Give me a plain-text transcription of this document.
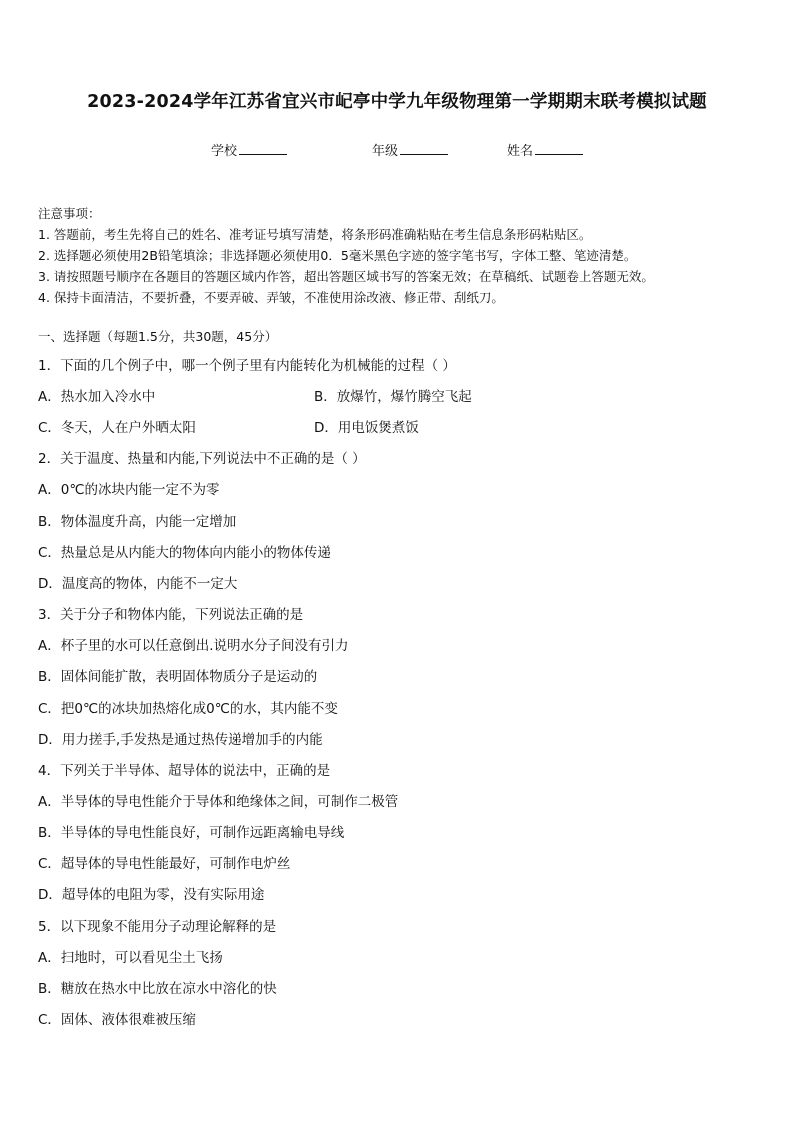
2023-2024学年江苏省宜兴市屺亭中学九年级物理第一学期期末联考模拟试题
学校	年级	姓名
注意事项：
1. 答题前，考生先将自己的姓名、准考证号填写清楚，将条形码准确粘贴在考生信息条形码粘贴区。
2. 选择题必须使用2B铅笔填涂；非选择题必须使用0．5毫米黑色字迹的签字笔书写，字体工整、笔迹清楚。
3. 请按照题号顺序在各题目的答题区域内作答，超出答题区域书写的答案无效；在草稿纸、试题卷上答题无效。
4. 保持卡面清洁，不要折叠，不要弄破、弄皱，不准使用涂改液、修正带、刮纸刀。
一、选择题（每题1.5分，共30题，45分）
1．下面的几个例子中，哪一个例子里有内能转化为机械能的过程（ ）
A．热水加入冷水中	B．放爆竹，爆竹腾空飞起
C．冬天，人在户外晒太阳	D．用电饭煲煮饭
2．关于温度、热量和内能,下列说法中不正确的是（ ）
A．0℃的冰块内能一定不为零
B．物体温度升高，内能一定增加
C．热量总是从内能大的物体向内能小的物体传递
D．温度高的物体，内能不一定大
3．关于分子和物体内能，下列说法正确的是
A．杯子里的水可以任意倒出.说明水分子间没有引力
B．固体间能扩散，表明固体物质分子是运动的
C．把0℃的冰块加热熔化成0℃的水，其内能不变
D．用力搓手,手发热是通过热传递增加手的内能
4．下列关于半导体、超导体的说法中，正确的是
A．半导体的导电性能介于导体和绝缘体之间，可制作二极管
B．半导体的导电性能良好，可制作远距离输电导线
C．超导体的导电性能最好，可制作电炉丝
D．超导体的电阻为零，没有实际用途
5．以下现象不能用分子动理论解释的是
A．扫地时，可以看见尘土飞扬
B．糖放在热水中比放在凉水中溶化的快
C．固体、液体很难被压缩
